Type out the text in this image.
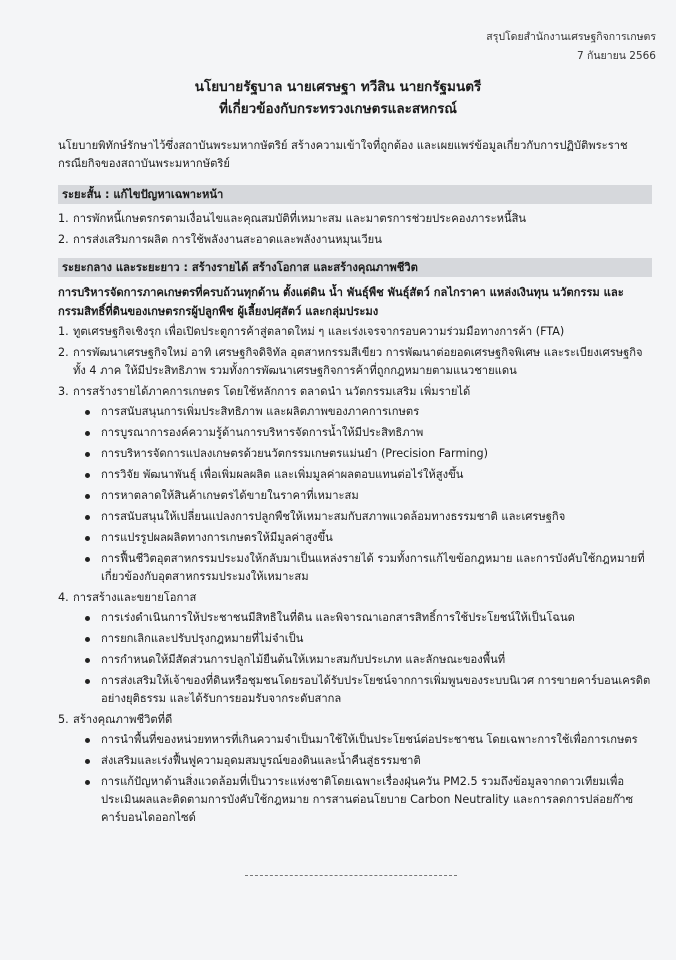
สรุปโดยสำนักงานเศรษฐกิจการเกษตร
7 กันยายน 2566
นโยบายรัฐบาล นายเศรษฐา ทวีสิน นายกรัฐมนตรี
ที่เกี่ยวข้องกับกระทรวงเกษตรและสหกรณ์

นโยบายพิทักษ์รักษาไว้ซึ่งสถาบันพระมหากษัตริย์ สร้างความเข้าใจที่ถูกต้อง และเผยแพร่ข้อมูลเกี่ยวกับการปฏิบัติพระราชกรณียกิจของสถาบันพระมหากษัตริย์

ระยะสั้น : แก้ไขปัญหาเฉพาะหน้า
1. การพักหนี้เกษตรกรตามเงื่อนไขและคุณสมบัติที่เหมาะสม และมาตรการช่วยประคองภาระหนี้สิน
2. การส่งเสริมการผลิต การใช้พลังงานสะอาดและพลังงานหมุนเวียน
ระยะกลาง และระยะยาว : สร้างรายได้ สร้างโอกาส และสร้างคุณภาพชีวิต

การบริหารจัดการภาคเกษตรที่ครบถ้วนทุกด้าน ตั้งแต่ดิน น้ำ พันธุ์พืช พันธุ์สัตว์ กลไกราคา แหล่งเงินทุน นวัตกรรม และกรรมสิทธิ์ที่ดินของเกษตรกรผู้ปลูกพืช ผู้เลี้ยงปศุสัตว์ และกลุ่มประมง

1. ทูตเศรษฐกิจเชิงรุก เพื่อเปิดประตูการค้าสู่ตลาดใหม่ ๆ และเร่งเจรจากรอบความร่วมมือทางการค้า (FTA)
2. การพัฒนาเศรษฐกิจใหม่ อาทิ เศรษฐกิจดิจิทัล อุตสาหกรรมสีเขียว การพัฒนาต่อยอดเศรษฐกิจพิเศษ และระเบียงเศรษฐกิจทั้ง 4 ภาค ให้มีประสิทธิภาพ รวมทั้งการพัฒนาเศรษฐกิจการค้าที่ถูกกฎหมายตามแนวชายแดน
3. การสร้างรายได้ภาคการเกษตร โดยใช้หลักการ ตลาดนำ นวัตกรรมเสริม เพิ่มรายได้
การสนับสนุนการเพิ่มประสิทธิภาพ และผลิตภาพของภาคการเกษตร
การบูรณาการองค์ความรู้ด้านการบริหารจัดการน้ำให้มีประสิทธิภาพ
การบริหารจัดการแปลงเกษตรด้วยนวัตกรรมเกษตรแม่นยำ (Precision Farming)
การวิจัย พัฒนาพันธุ์ เพื่อเพิ่มผลผลิต และเพิ่มมูลค่าผลตอบแทนต่อไร่ให้สูงขึ้น
การหาตลาดให้สินค้าเกษตรได้ขายในราคาที่เหมาะสม
การสนับสนุนให้เปลี่ยนแปลงการปลูกพืชให้เหมาะสมกับสภาพแวดล้อมทางธรรมชาติ และเศรษฐกิจ
การแปรรูปผลผลิตทางการเกษตรให้มีมูลค่าสูงขึ้น
การฟื้นชีวิตอุตสาหกรรมประมงให้กลับมาเป็นแหล่งรายได้ รวมทั้งการแก้ไขข้อกฎหมาย และการบังคับใช้กฎหมายที่เกี่ยวข้องกับอุตสาหกรรมประมงให้เหมาะสม
4. การสร้างและขยายโอกาส
การเร่งดำเนินการให้ประชาชนมีสิทธิในที่ดิน และพิจารณาเอกสารสิทธิ์การใช้ประโยชน์ให้เป็นโฉนด
การยกเลิกและปรับปรุงกฎหมายที่ไม่จำเป็น
การกำหนดให้มีสัดส่วนการปลูกไม้ยืนต้นให้เหมาะสมกับประเภท และลักษณะของพื้นที่
การส่งเสริมให้เจ้าของที่ดินหรือชุมชนโดยรอบได้รับประโยชน์จากการเพิ่มพูนของระบบนิเวศ การขายคาร์บอนเครดิตอย่างยุติธรรม และได้รับการยอมรับจากระดับสากล
5. สร้างคุณภาพชีวิตที่ดี
การนำพื้นที่ของหน่วยทหารที่เกินความจำเป็นมาใช้ให้เป็นประโยชน์ต่อประชาชน โดยเฉพาะการใช้เพื่อการเกษตร
ส่งเสริมและเร่งฟื้นฟูความอุดมสมบูรณ์ของดินและน้ำคืนสู่ธรรมชาติ
การแก้ปัญหาด้านสิ่งแวดล้อมที่เป็นวาระแห่งชาติโดยเฉพาะเรื่องฝุ่นควัน PM2.5 รวมถึงข้อมูลจากดาวเทียมเพื่อประเมินผลและติดตามการบังคับใช้กฎหมาย การสานต่อนโยบาย Carbon Neutrality และการลดการปล่อยก๊าซคาร์บอนไดออกไซด์
